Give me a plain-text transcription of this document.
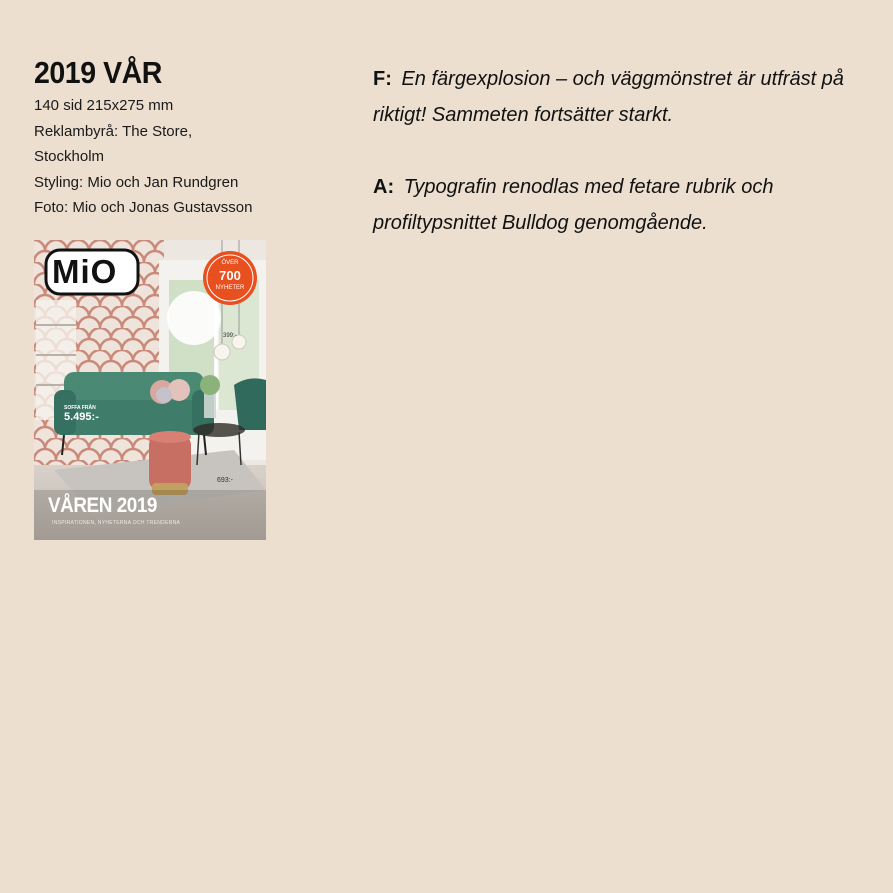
2019 VÅR
140 sid 215x275 mm
Reklambyrå: The Store,
Stockholm
Styling: Mio och Jan Rundgren
Foto: Mio och Jonas Gustavsson
MiO	ÖVER
700
NYHETER
SOFFA FRÅN
5.495:-
399:-
693:-
VÅREN 2019
INSPIRATIONEN, NYHETERNA OCH TRENDERNA

F: En färgexplosion – och väggmönstret är utfräst på riktigt! Sammeten fortsätter starkt.

A: Typografin renodlas med fetare rubrik och profiltypsnittet Bulldog genomgående.
